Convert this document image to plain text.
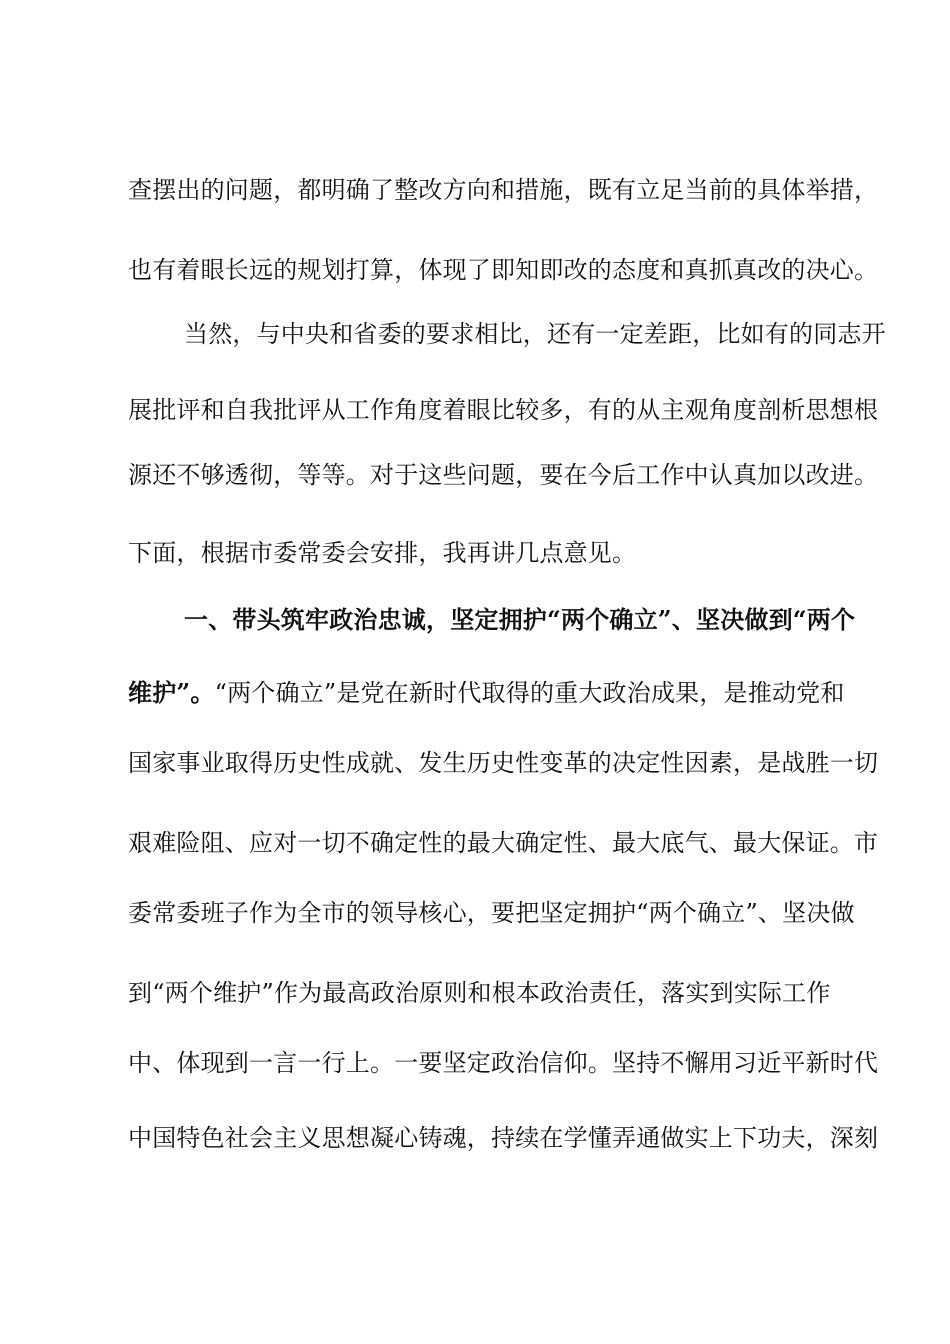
查摆出的问题，都明确了整改方向和措施，既有立足当前的具体举措，
也有着眼长远的规划打算，体现了即知即改的态度和真抓真改的决心。
当然，与中央和省委的要求相比，还有一定差距，比如有的同志开
展批评和自我批评从工作角度着眼比较多，有的从主观角度剖析思想根
源还不够透彻，等等。对于这些问题，要在今后工作中认真加以改进。
下面，根据市委常委会安排，我再讲几点意见。
一、带头筑牢政治忠诚，坚定拥护“两个确立”、坚决做到“两个
维护”。“两个确立”是党在新时代取得的重大政治成果，是推动党和
国家事业取得历史性成就、发生历史性变革的决定性因素，是战胜一切
艰难险阻、应对一切不确定性的最大确定性、最大底气、最大保证。市
委常委班子作为全市的领导核心，要把坚定拥护“两个确立”、坚决做
到“两个维护”作为最高政治原则和根本政治责任，落实到实际工作
中、体现到一言一行上。一要坚定政治信仰。坚持不懈用习近平新时代
中国特色社会主义思想凝心铸魂，持续在学懂弄通做实上下功夫，深刻
